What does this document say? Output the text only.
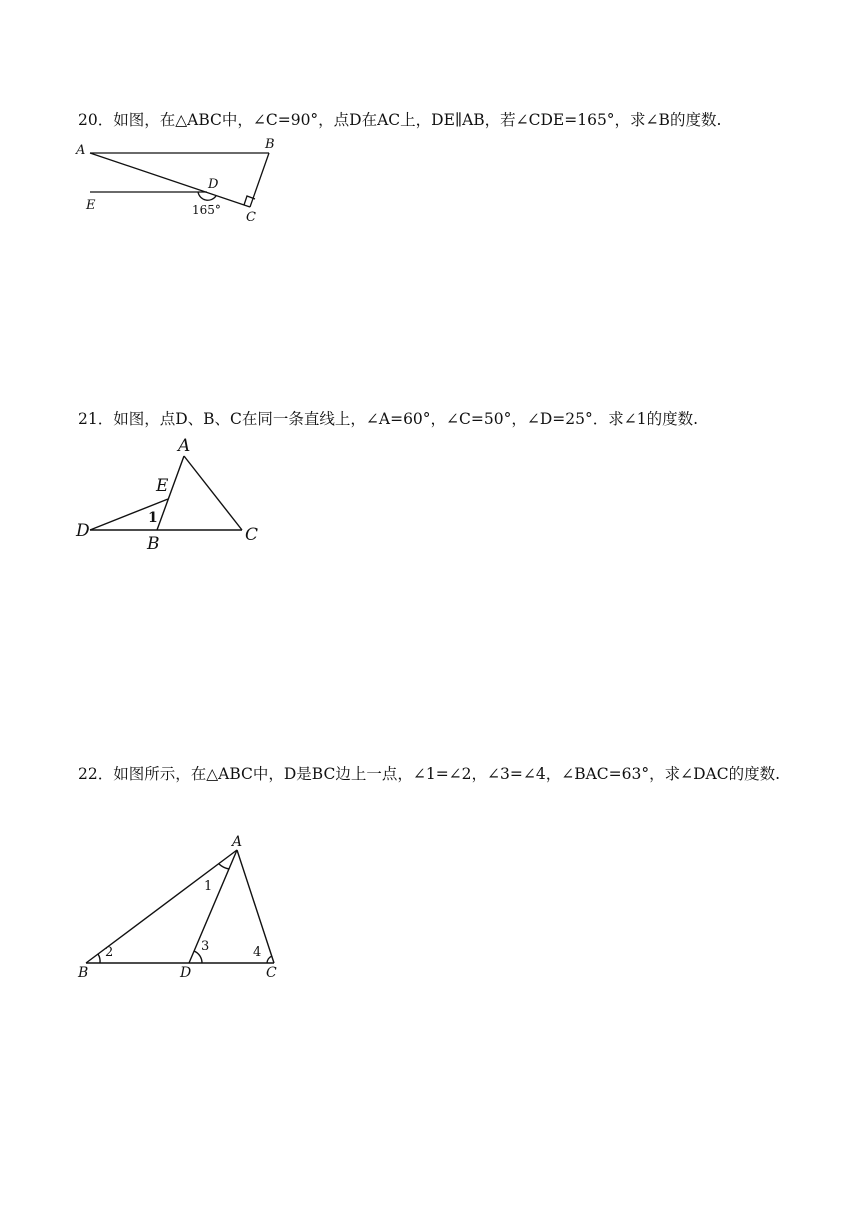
20．如图，在△ABC中，∠C=90°，点D在AC上，DE∥AB，若∠CDE=165°，求∠B的度数.
A	B
C
D
E	165°
21．如图，点D、B、C在同一条直线上，∠A=60°，∠C=50°，∠D=25°．求∠1的度数.
A
B	C
D
E
1
22．如图所示，在△ABC中，D是BC边上一点，∠1=∠2，∠3=∠4，∠BAC=63°，求∠DAC的度数.
A
B	C
D
1
2	3	4
